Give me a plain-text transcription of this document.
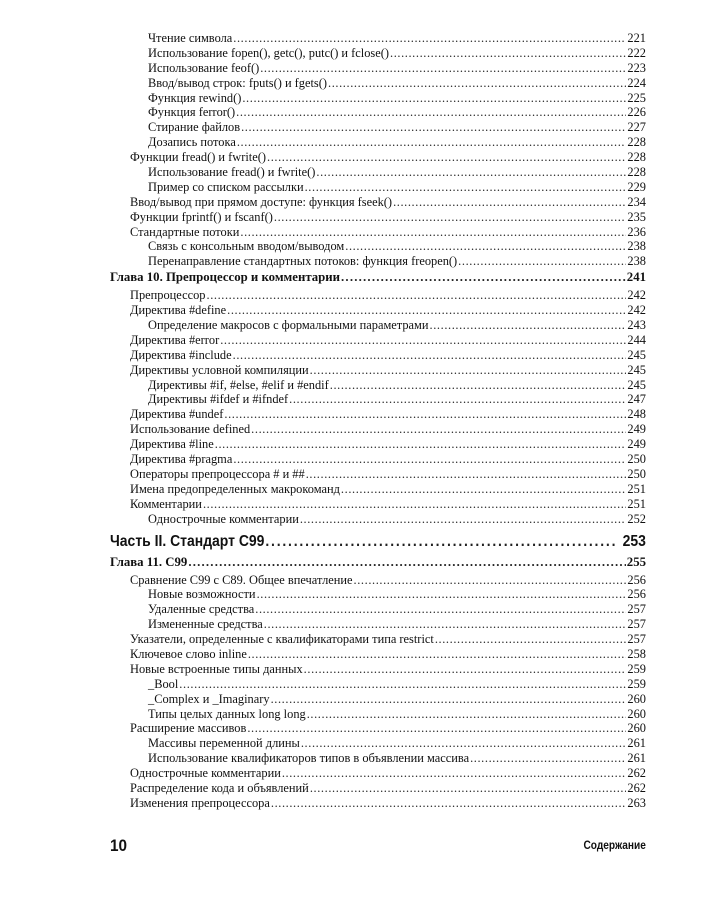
Чтение символа .....	221
Использование fopen(), getc(), putc() и fclose() .....	222
Использование feof() .....	223
Ввод/вывод строк: fputs() и fgets() .....	224
Функция rewind() .....	225
Функция ferror() .....	226
Стирание файлов .....	227
Дозапись потока .....	228
Функции fread() и fwrite() .....	228
Использование fread() и fwrite() .....	228
Пример со списком рассылки .....	229
Ввод/вывод при прямом доступе: функция fseek() .....	234
Функции fprintf() и fscanf() .....	235
Стандартные потоки .....	236
Связь с консольным вводом/выводом .....	238
Перенаправление стандартных потоков: функция freopen() .....	238
Глава 10. Препроцессор и комментарии .....	241
Препроцессор .....	242
Директива #define .....	242
Определение макросов с формальными параметрами .....	243
Директива #error .....	244
Директива #include .....	245
Директивы условной компиляции .....	245
Директивы #if, #else, #elif и #endif .....	245
Директивы #ifdef и #ifndef .....	247
Директива #undef .....	248
Использование defined .....	249
Директива #line .....	249
Директива #pragma .....	250
Операторы препроцессора # и ## .....	250
Имена предопределенных макрокоманд .....	251
Комментарии .....	251
Однострочные комментарии .....	252
Часть II. Стандарт C99 .....	253
Глава 11. C99 .....	255
Сравнение C99 с C89. Общее впечатление .....	256
Новые возможности .....	256
Удаленные средства .....	257
Измененные средства .....	257
Указатели, определенные с квалификаторами типа restrict .....	257
Ключевое слово inline .....	258
Новые встроенные типы данных .....	259
_Bool .....	259
_Complex и _Imaginary .....	260
Типы целых данных long long .....	260
Расширение массивов .....	260
Массивы переменной длины .....	261
Использование квалификаторов типов в объявлении массива .....	261
Однострочные комментарии .....	262
Распределение кода и объявлений .....	262
Изменения препроцессора .....	263
10	Содержание
